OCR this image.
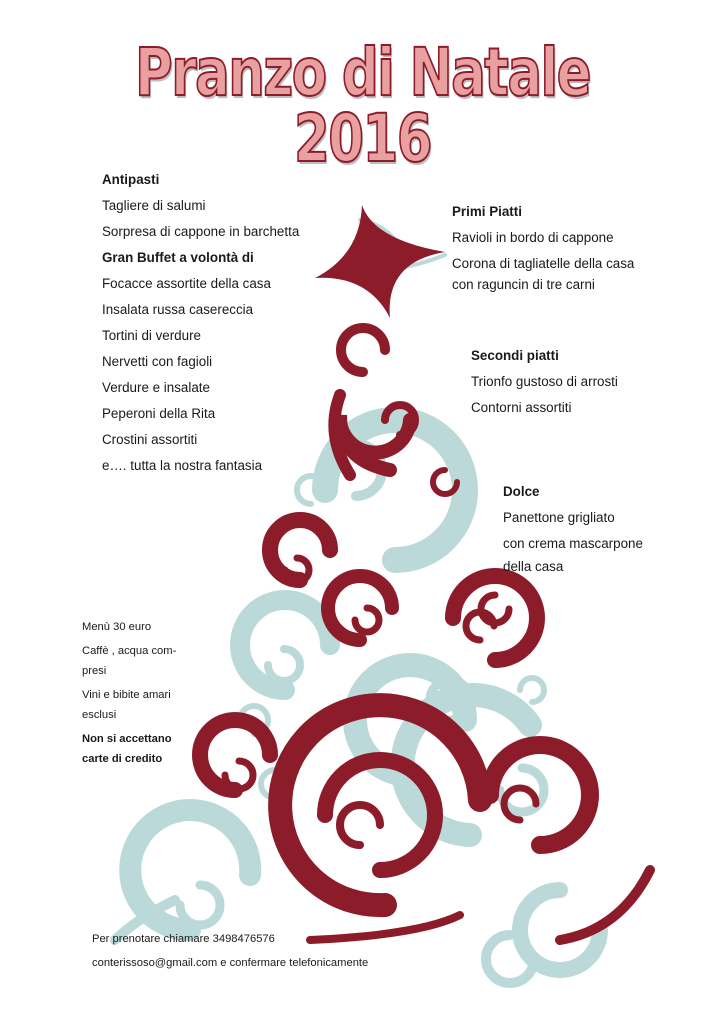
Pranzo di Natale 2016
Antipasti
Tagliere di salumi
Sorpresa di cappone in barchetta
Gran Buffet a volontà di
Focacce assortite della casa
Insalata russa casereccia
Tortini di verdure
Nervetti con fagioli
Verdure e insalate
Peperoni della Rita
Crostini assortiti
e…. tutta la nostra fantasia
Primi Piatti
Ravioli in bordo di cappone
Corona di tagliatelle della casa
con raguncin di tre carni
Secondi piatti
Trionfo gustoso di arrosti
Contorni assortiti
Dolce
Panettone grigliato
con crema mascarpone
della casa
Menù 30 euro
Caffè , acqua com-
presi
Vini e bibite amari
esclusi
Non si accettano
carte di credito
Per prenotare chiamare 3498476576
conterissoso@gmail.com e confermare telefonicamente
